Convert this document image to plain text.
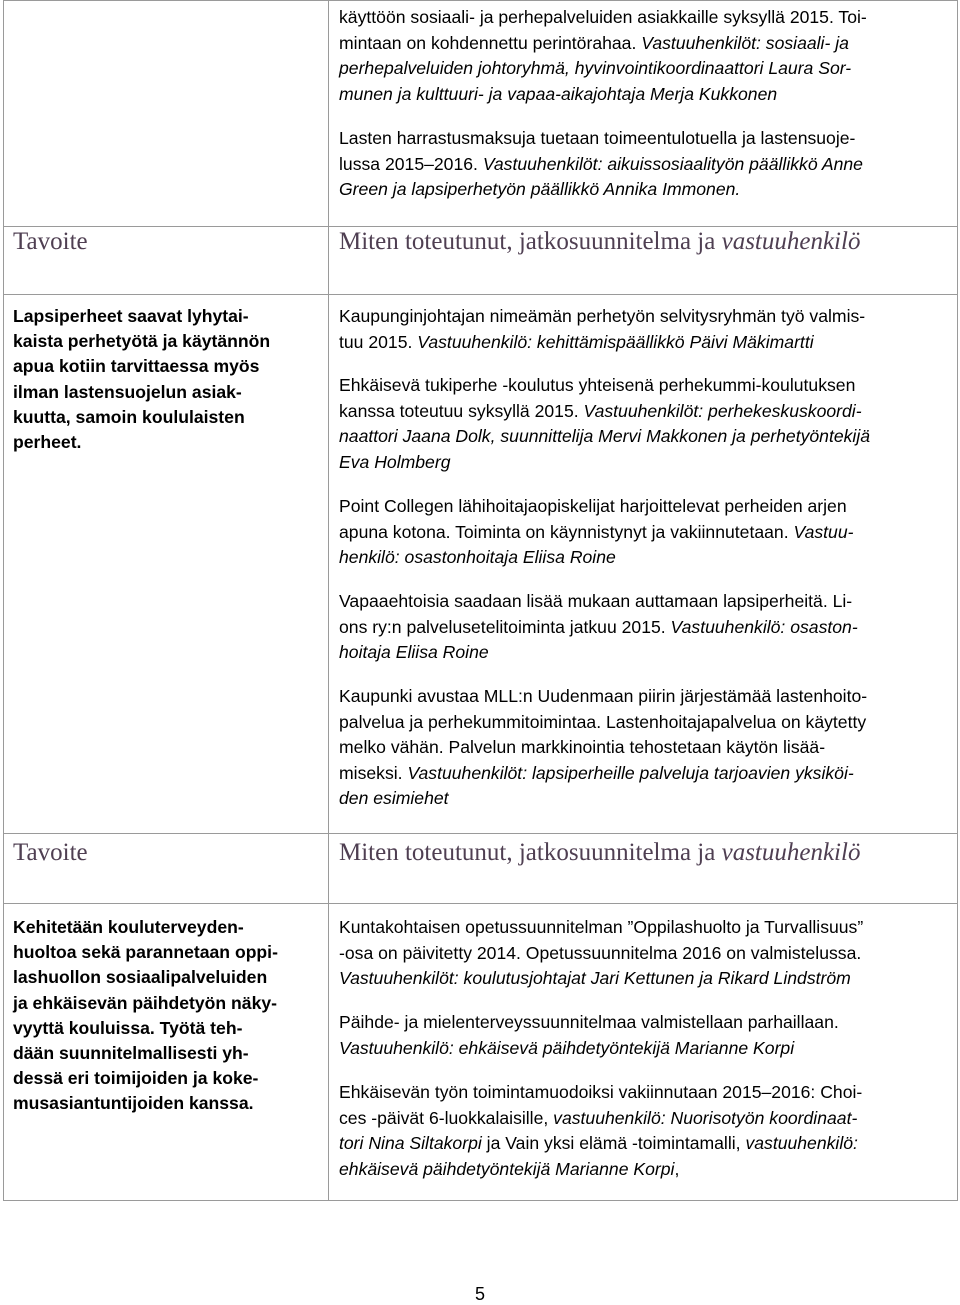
käyttöön sosiaali- ja perhepalveluiden asiakkaille syksyllä 2015. Toi-
mintaan on kohdennettu perintörahaa. Vastuuhenkilöt: sosiaali- ja
perhepalveluiden johtoryhmä, hyvinvointikoordinaattori Laura Sor-
munen ja kulttuuri- ja vapaa-aikajohtaja Merja Kukkonen
Lasten harrastusmaksuja tuetaan toimeentulotuella ja lastensuoje-
lussa 2015–2016. Vastuuhenkilöt: aikuissosiaalityön päällikkö Anne
Green ja lapsiperhetyön päällikkö Annika Immonen.
Tavoite	Miten toteutunut, jatkosuunnitelma ja vastuuhenkilö
Lapsiperheet saavat lyhytai-
kaista perhetyötä ja käytännön
apua kotiin tarvittaessa myös
ilman lastensuojelun asiak-
kuutta, samoin koululaisten
perheet.
Kaupunginjohtajan nimeämän perhetyön selvitysryhmän työ valmis-
tuu 2015. Vastuuhenkilö: kehittämispäällikkö Päivi Mäkimartti
Ehkäisevä tukiperhe -koulutus yhteisenä perhekummi-koulutuksen
kanssa toteutuu syksyllä 2015. Vastuuhenkilöt: perhekeskuskoordi-
naattori Jaana Dolk, suunnittelija Mervi Makkonen ja perhetyöntekijä
Eva Holmberg
Point Collegen lähihoitajaopiskelijat harjoittelevat perheiden arjen
apuna kotona. Toiminta on käynnistynyt ja vakiinnutetaan. Vastuu-
henkilö: osastonhoitaja Eliisa Roine
Vapaaehtoisia saadaan lisää mukaan auttamaan lapsiperheitä. Li-
ons ry:n palvelusetelitoiminta jatkuu 2015. Vastuuhenkilö: osaston-
hoitaja Eliisa Roine
Kaupunki avustaa MLL:n Uudenmaan piirin järjestämää lastenhoito-
palvelua ja perhekummitoimintaa. Lastenhoitajapalvelua on käytetty
melko vähän. Palvelun markkinointia tehostetaan käytön lisää-
miseksi. Vastuuhenkilöt: lapsiperheille palveluja tarjoavien yksiköi-
den esimiehet
Tavoite	Miten toteutunut, jatkosuunnitelma ja vastuuhenkilö
Kehitetään kouluterveyden-
huoltoa sekä parannetaan oppi-
lashuollon sosiaalipalveluiden
ja ehkäisevän päihdetyön näky-
vyyttä kouluissa. Työtä teh-
dään suunnitelmallisesti yh-
dessä eri toimijoiden ja koke-
musasiantuntijoiden kanssa.
Kuntakohtaisen opetussuunnitelman ”Oppilashuolto ja Turvallisuus”
-osa on päivitetty 2014. Opetussuunnitelma 2016 on valmistelussa.
Vastuuhenkilöt: koulutusjohtajat Jari Kettunen ja Rikard Lindström
Päihde- ja mielenterveyssuunnitelmaa valmistellaan parhaillaan.
Vastuuhenkilö: ehkäisevä päihdetyöntekijä Marianne Korpi
Ehkäisevän työn toimintamuodoiksi vakiinnutaan 2015–2016: Choi-
ces -päivät 6-luokkalaisille, vastuuhenkilö: Nuorisotyön koordinaat-
tori Nina Siltakorpi ja Vain yksi elämä -toimintamalli, vastuuhenkilö:
ehkäisevä päihdetyöntekijä Marianne Korpi,
5
